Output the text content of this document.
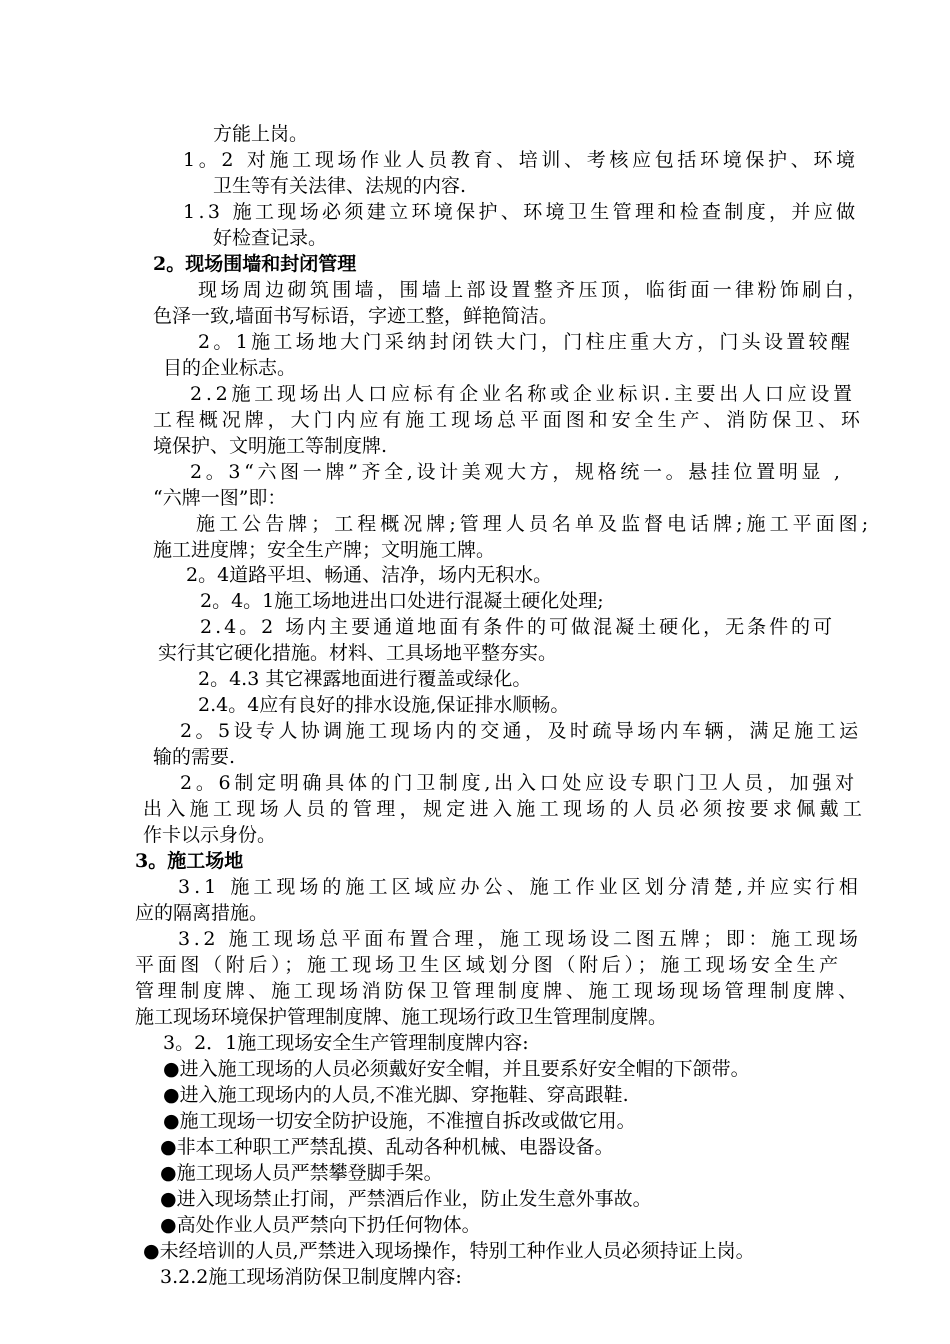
方能上岗。
1。2 对施工现场作业人员教育、培训、考核应包括环境保护、环境
卫生等有关法律、法规的内容.
1.3 施工现场必须建立环境保护、环境卫生管理和检查制度，并应做
好检查记录。
2。现场围墙和封闭管理
现场周边砌筑围墙，围墙上部设置整齐压顶，临街面一律粉饰刷白，
色泽一致,墙面书写标语，字迹工整，鲜艳简洁。
2。1施工场地大门采纳封闭铁大门，门柱庄重大方，门头设置较醒
目的企业标志。
2.2施工现场出人口应标有企业名称或企业标识.主要出人口应设置
工程概况牌，大门内应有施工现场总平面图和安全生产、消防保卫、环
境保护、文明施工等制度牌.
2。3“六图一牌”齐全,设计美观大方，规格统一。悬挂位置明显 ,
“六牌一图”即：
施工公告牌；工程概况牌;管理人员名单及监督电话牌;施工平面图;
施工进度牌；安全生产牌；文明施工牌。
2。4道路平坦、畅通、洁净，场内无积水。
2。4。1施工场地进出口处进行混凝土硬化处理;
2.4。2 场内主要通道地面有条件的可做混凝土硬化，无条件的可
实行其它硬化措施。材料、工具场地平整夯实。
2。4.3 其它裸露地面进行覆盖或绿化。
2.4。4应有良好的排水设施,保证排水顺畅。
2。5设专人协调施工现场内的交通，及时疏导场内车辆，满足施工运
输的需要.
2。6制定明确具体的门卫制度,出入口处应设专职门卫人员，加强对
出入施工现场人员的管理，规定进入施工现场的人员必须按要求佩戴工
作卡以示身份。
3。施工场地
3.1 施工现场的施工区域应办公、施工作业区划分清楚,并应实行相
应的隔离措施。
3.2 施工现场总平面布置合理，施工现场设二图五牌；即：施工现场
平面图（附后）；施工现场卫生区域划分图（附后）；施工现场安全生产
管理制度牌、施工现场消防保卫管理制度牌、施工现场现场管理制度牌、
施工现场环境保护管理制度牌、施工现场行政卫生管理制度牌。
3。2．1施工现场安全生产管理制度牌内容:
●进入施工现场的人员必须戴好安全帽，并且要系好安全帽的下颌带。
●进入施工现场内的人员,不准光脚、穿拖鞋、穿高跟鞋.
●施工现场一切安全防护设施，不准擅自拆改或做它用。
●非本工种职工严禁乱摸、乱动各种机械、电器设备。
●施工现场人员严禁攀登脚手架。
●进入现场禁止打闹，严禁酒后作业，防止发生意外事故。
●高处作业人员严禁向下扔任何物体。
●未经培训的人员,严禁进入现场操作，特别工种作业人员必须持证上岗。
3.2.2施工现场消防保卫制度牌内容:
